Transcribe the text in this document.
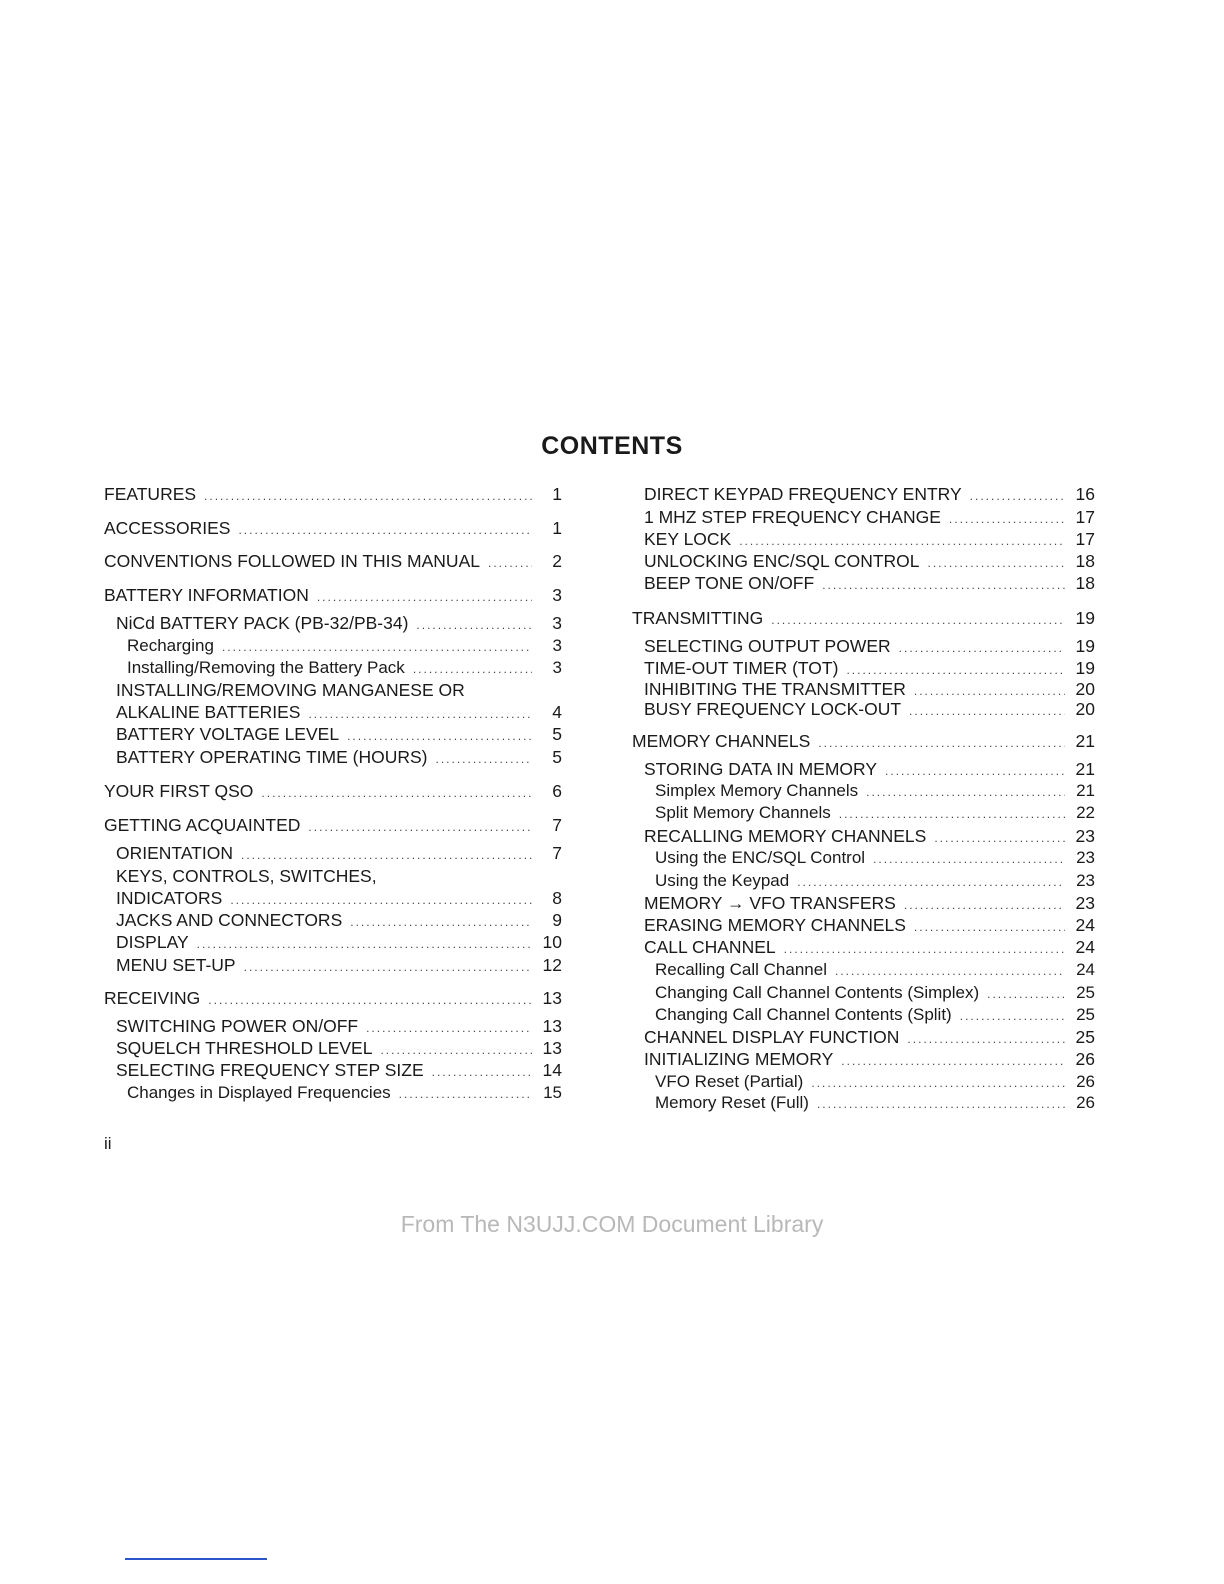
CONTENTS
FEATURES .....	1
ACCESSORIES .....	1
CONVENTIONS FOLLOWED IN THIS MANUAL .....	2
BATTERY INFORMATION .....	3
NiCd BATTERY PACK (PB-32/PB-34) .....	3
Recharging .....	3
Installing/Removing the Battery Pack .....	3
INSTALLING/REMOVING MANGANESE OR
ALKALINE BATTERIES .....	4
BATTERY VOLTAGE LEVEL .....	5
BATTERY OPERATING TIME (HOURS) .....	5
YOUR FIRST QSO .....	6
GETTING ACQUAINTED .....	7
ORIENTATION .....	7
KEYS, CONTROLS, SWITCHES,
INDICATORS .....	8
JACKS AND CONNECTORS .....	9
DISPLAY .....	10
MENU SET-UP .....	12
RECEIVING .....	13
SWITCHING POWER ON/OFF .....	13
SQUELCH THRESHOLD LEVEL .....	13
SELECTING FREQUENCY STEP SIZE .....	14
Changes in Displayed Frequencies .....	15
DIRECT KEYPAD FREQUENCY ENTRY .....	16
1 MHZ STEP FREQUENCY CHANGE .....	17
KEY LOCK .....	17
UNLOCKING ENC/SQL CONTROL .....	18
BEEP TONE ON/OFF .....	18
TRANSMITTING .....	19
SELECTING OUTPUT POWER .....	19
TIME-OUT TIMER (TOT) .....	19
INHIBITING THE TRANSMITTER .....	20
BUSY FREQUENCY LOCK-OUT .....	20
MEMORY CHANNELS .....	21
STORING DATA IN MEMORY .....	21
Simplex Memory Channels .....	21
Split Memory Channels .....	22
RECALLING MEMORY CHANNELS .....	23
Using the ENC/SQL Control .....	23
Using the Keypad .....	23
MEMORY → VFO TRANSFERS .....	23
ERASING MEMORY CHANNELS .....	24
CALL CHANNEL .....	24
Recalling Call Channel .....	24
Changing Call Channel Contents (Simplex) .....	25
Changing Call Channel Contents (Split) .....	25
CHANNEL DISPLAY FUNCTION .....	25
INITIALIZING MEMORY .....	26
VFO Reset (Partial) .....	26
Memory Reset (Full) .....	26
ii
From The N3UJJ.COM Document Library
